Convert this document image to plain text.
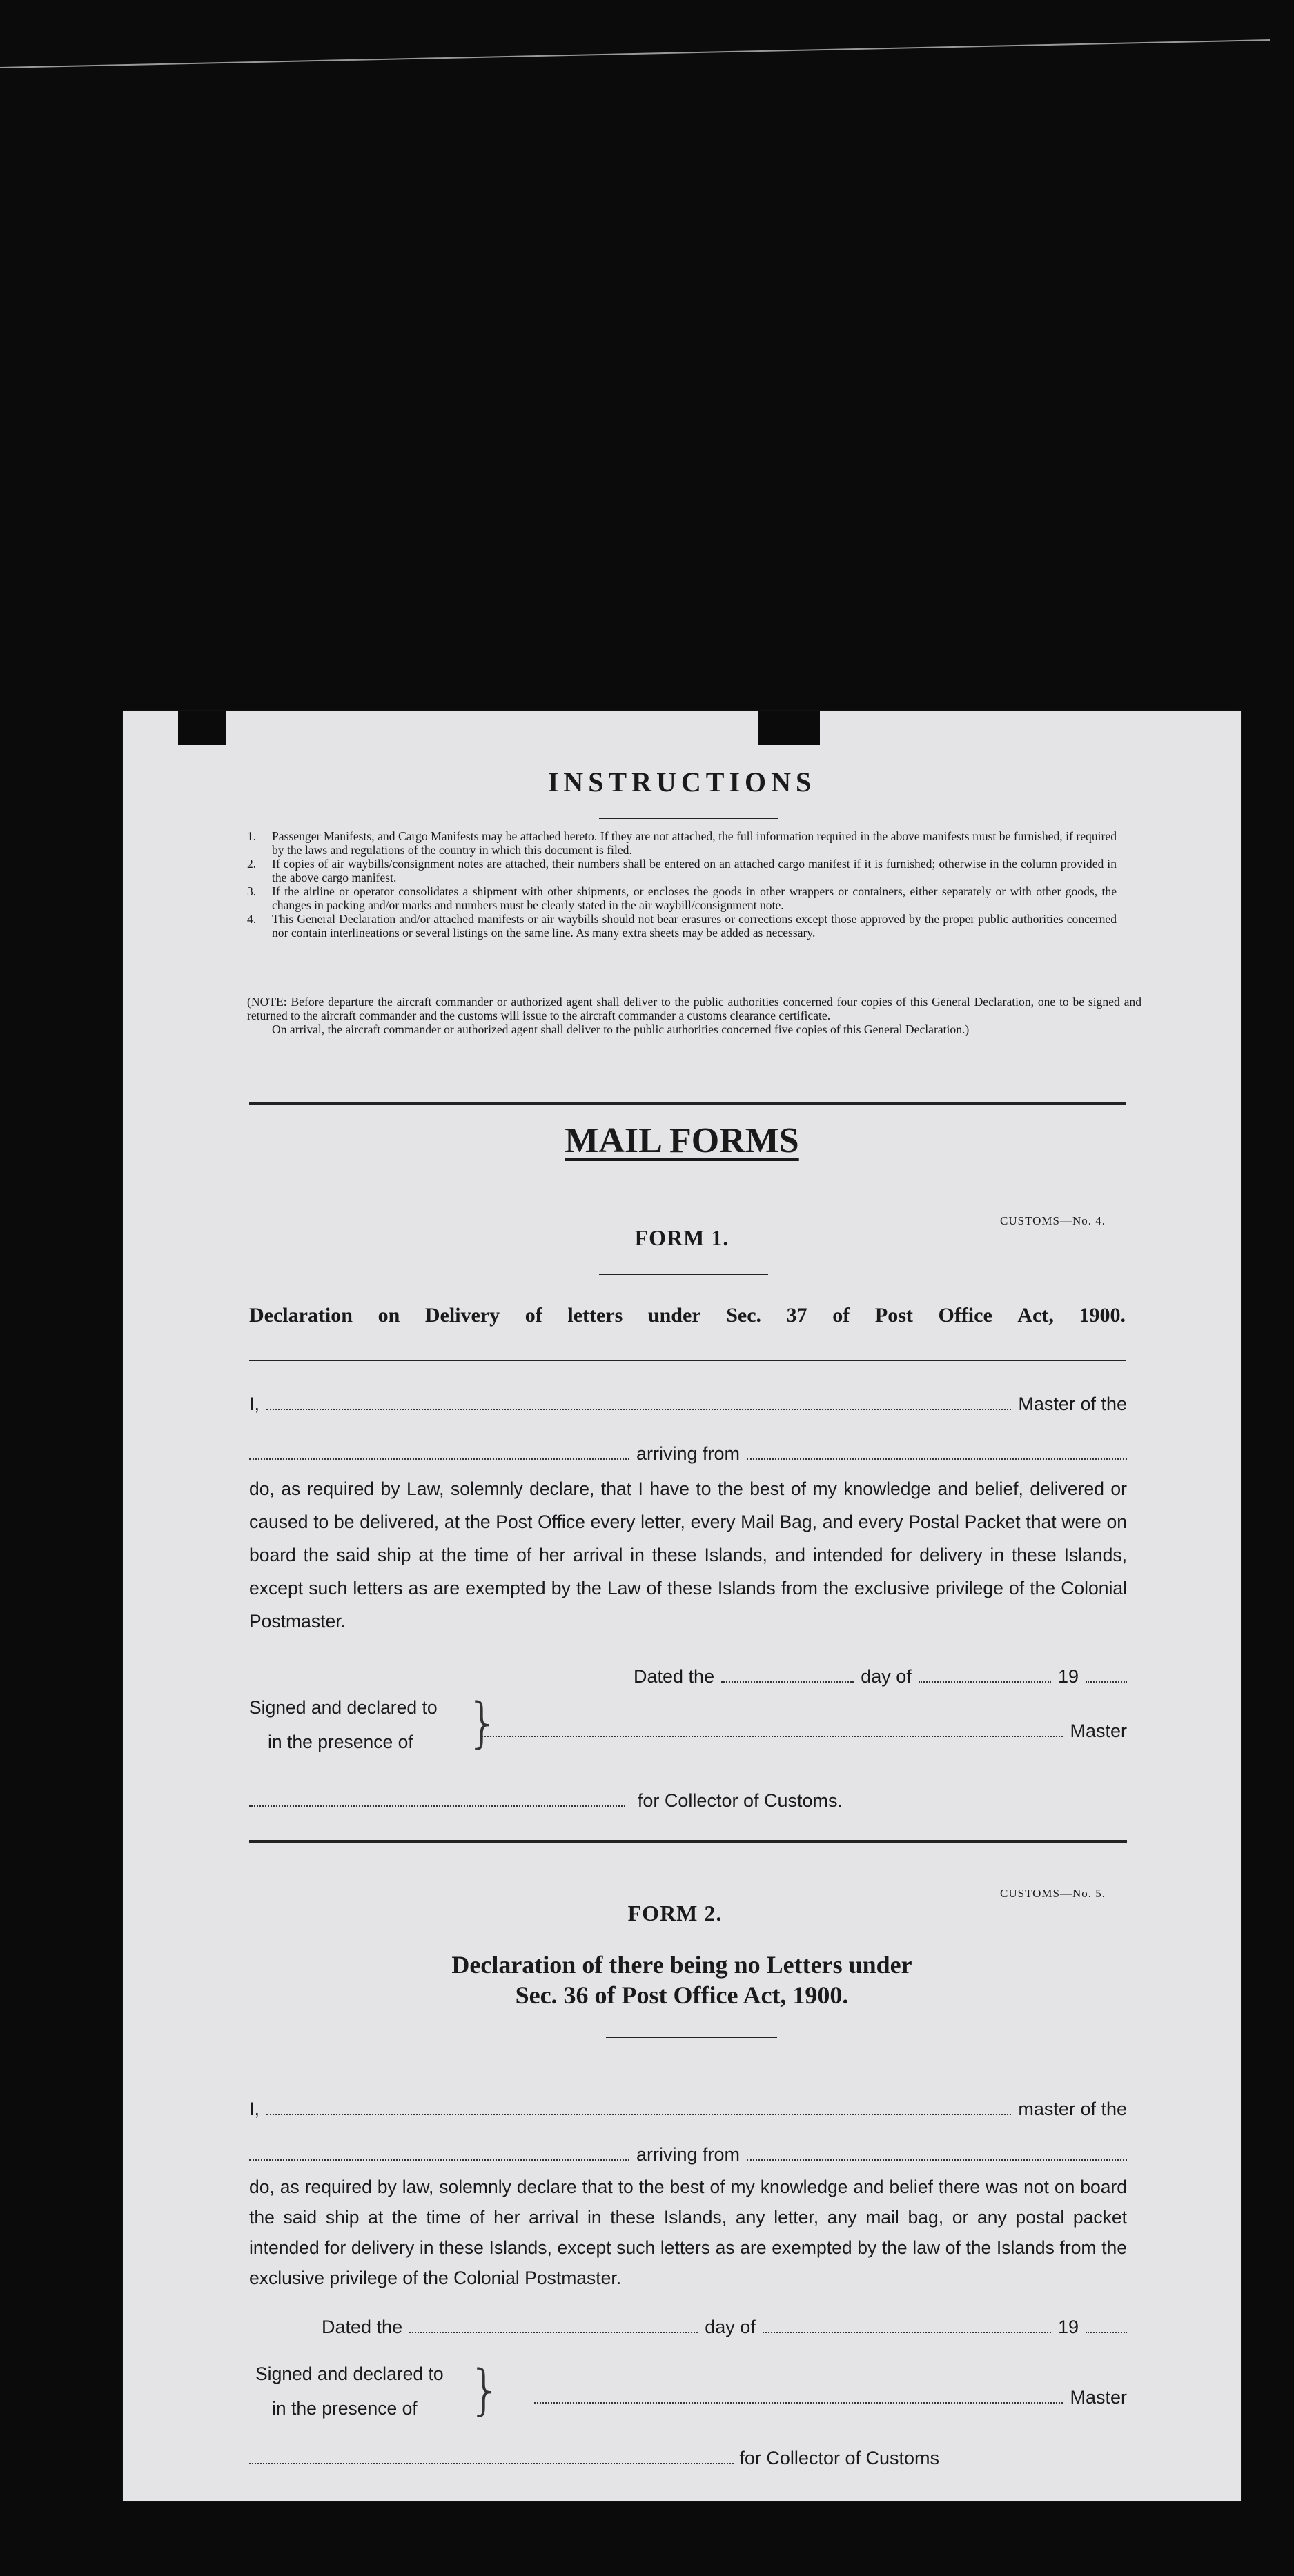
INSTRUCTIONS
1. Passenger Manifests, and Cargo Manifests may be attached hereto. If they are not attached, the full information required in the above manifests must be furnished, if required by the laws and regulations of the country in which this document is filed.
2. If copies of air waybills/consignment notes are attached, their numbers shall be entered on an attached cargo manifest if it is furnished; otherwise in the column provided in the above cargo manifest.
3. If the airline or operator consolidates a shipment with other shipments, or encloses the goods in other wrappers or containers, either separately or with other goods, the changes in packing and/or marks and numbers must be clearly stated in the air waybill/consignment note.
4. This General Declaration and/or attached manifests or air waybills should not bear erasures or corrections except those approved by the proper public authorities concerned nor contain interlineations or several listings on the same line. As many extra sheets may be added as necessary.

(NOTE: Before departure the aircraft commander or authorized agent shall deliver to the public authorities concerned four copies of this General Declaration, one to be signed and returned to the aircraft commander and the customs will issue to the aircraft commander a customs clearance certificate.

On arrival, the aircraft commander or authorized agent shall deliver to the public authorities concerned five copies of this General Declaration.)

MAIL FORMS
CUSTOMS—No. 4.
FORM 1.
Declaration on Delivery of letters under Sec. 37 of Post Office Act, 1900.
I,	Master of the
arriving from
do, as required by Law, solemnly declare, that I have to the best of my knowledge and belief, delivered or caused to be delivered, at the Post Office every letter, every Mail Bag, and every Postal Packet that were on board the said ship at the time of her arrival in these Islands, and intended for delivery in these Islands, except such letters as are exempted by the Law of these Islands from the exclusive privilege of the Colonial Postmaster.
Dated the	day of	19
Signed and declared to
in the presence of }	Master
for Collector of Customs.
CUSTOMS—No. 5.
FORM 2.
Declaration of there being no Letters under
Sec. 36 of Post Office Act, 1900.
I,	master of the
arriving from
do, as required by law, solemnly declare that to the best of my knowledge and belief there was not on board the said ship at the time of her arrival in these Islands, any letter, any mail bag, or any postal packet intended for delivery in these Islands, except such letters as are exempted by the law of the Islands from the exclusive privilege of the Colonial Postmaster.
Dated the	day of	19
Signed and declared to
in the presence of }	Master
for Collector of Customs
